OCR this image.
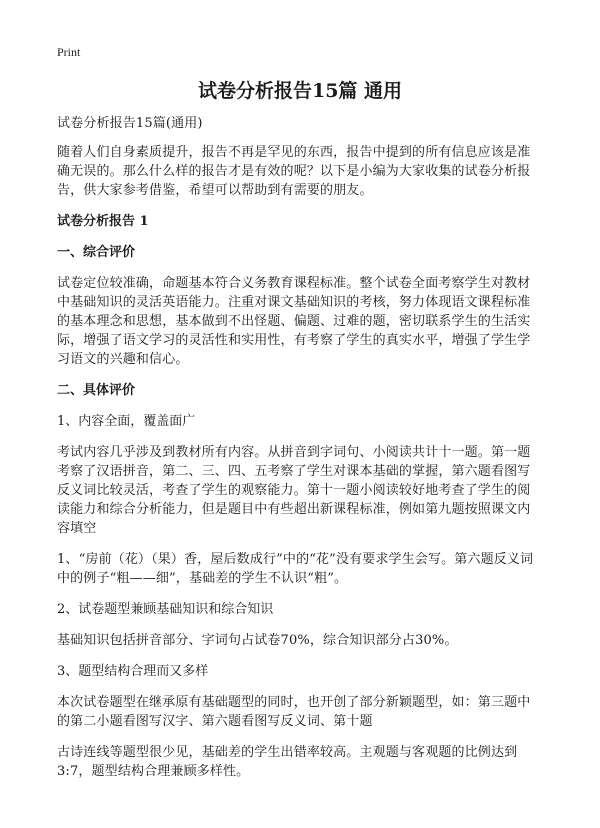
Print
试卷分析报告15篇 通用

试卷分析报告15篇(通用)

随着人们自身素质提升，报告不再是罕见的东西，报告中提到的所有信息应该是准确无误的。那么什么样的报告才是有效的呢？以下是小编为大家收集的试卷分析报告，供大家参考借鉴，希望可以帮助到有需要的朋友。

试卷分析报告 1

一、综合评价

试卷定位较准确，命题基本符合义务教育课程标准。整个试卷全面考察学生对教材中基础知识的灵活英语能力。注重对课文基础知识的考核，努力体现语文课程标准的基本理念和思想，基本做到不出怪题、偏题、过难的题，密切联系学生的生活实际，增强了语文学习的灵活性和实用性，有考察了学生的真实水平，增强了学生学习语文的兴趣和信心。

二、具体评价

1、内容全面，覆盖面广

考试内容几乎涉及到教材所有内容。从拼音到字词句、小阅读共计十一题。第一题考察了汉语拼音，第二、三、四、五考察了学生对课本基础的掌握，第六题看图写反义词比较灵活，考查了学生的观察能力。第十一题小阅读较好地考查了学生的阅读能力和综合分析能力，但是题目中有些超出新课程标准，例如第九题按照课文内容填空

1、“房前（花）（果）香，屋后数成行”中的“花”没有要求学生会写。第六题反义词中的例子“粗——细”，基础差的学生不认识“粗”。

2、试卷题型兼顾基础知识和综合知识

基础知识包括拼音部分、字词句占试卷70%，综合知识部分占30%。

3、题型结构合理而又多样

本次试卷题型在继承原有基础题型的同时，也开创了部分新颖题型，如：第三题中的第二小题看图写汉字、第六题看图写反义词、第十题

古诗连线等题型很少见，基础差的学生出错率较高。主观题与客观题的比例达到3:7，题型结构合理兼顾多样性。
